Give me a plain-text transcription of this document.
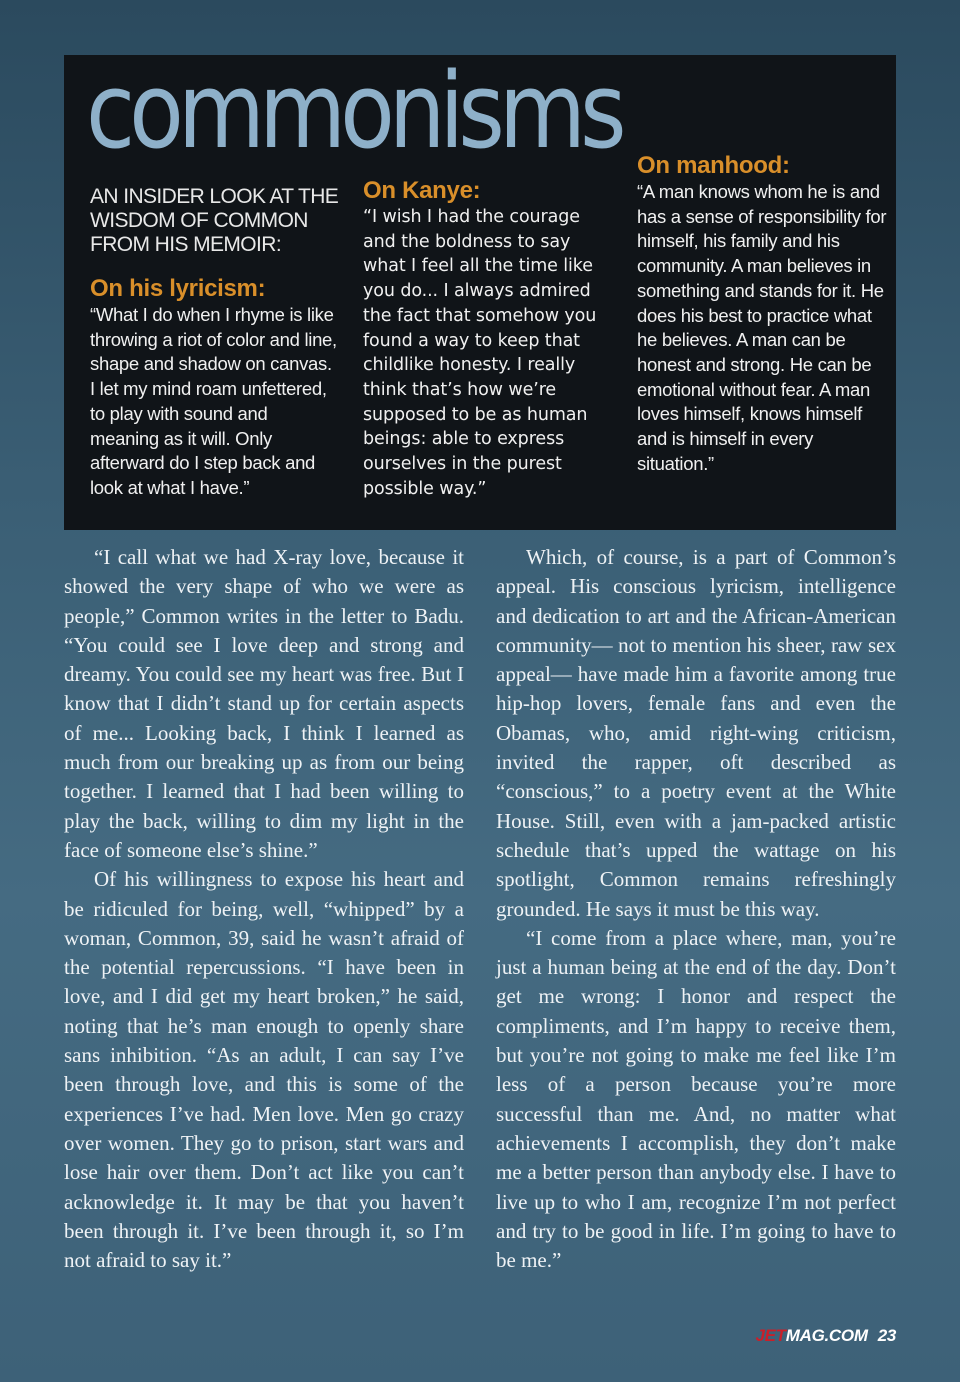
commonisms

AN INSIDER LOOK AT THE WISDOM OF COMMON FROM HIS MEMOIR:

On his lyricism:

“What I do when I rhyme is like throwing a riot of color and line, shape and shadow on canvas. I let my mind roam unfettered, to play with sound and meaning as it will. Only afterward do I step back and look at what I have.”

On Kanye:

“I wish I had the courage and the boldness to say what I feel all the time like you do... I always admired the fact that somehow you found a way to keep that childlike honesty. I really think that’s how we’re supposed to be as human beings: able to express ourselves in the purest possible way.”

On manhood:

“A man knows whom he is and has a sense of responsibility for himself, his family and his community. A man believes in something and stands for it. He does his best to practice what he believes. A man can be honest and strong. He can be emotional without fear. A man loves himself, knows himself and is himself in every situation.”

“I call what we had X-ray love, because it showed the very shape of who we were as people,” Common writes in the letter to Badu. “You could see I love deep and strong and dreamy. You could see my heart was free. But I know that I didn’t stand up for certain aspects of me... Looking back, I think I learned as much from our breaking up as from our being together. I learned that I had been willing to play the back, willing to dim my light in the face of someone else’s shine.”

Of his willingness to expose his heart and be ridiculed for being, well, “whipped” by a woman, Common, 39, said he wasn’t afraid of the potential repercussions. “I have been in love, and I did get my heart broken,” he said, noting that he’s man enough to openly share sans inhibition. “As an adult, I can say I’ve been through love, and this is some of the experiences I’ve had. Men love. Men go crazy over women. They go to prison, start wars and lose hair over them. Don’t act like you can’t acknowledge it. It may be that you haven’t been through it. I’ve been through it, so I’m not afraid to say it.”

Which, of course, is a part of Common’s appeal. His conscious lyricism, intelligence and dedication to art and the African-American community— not to mention his sheer, raw sex appeal— have made him a favorite among true hip-hop lovers, female fans and even the Obamas, who, amid right-wing criticism, invited the rapper, oft described as “conscious,” to a poetry event at the White House. Still, even with a jam-packed artistic schedule that’s upped the wattage on his spotlight, Common remains refreshingly grounded. He says it must be this way.

“I come from a place where, man, you’re just a human being at the end of the day. Don’t get me wrong: I honor and respect the compliments, and I’m happy to receive them, but you’re not going to make me feel like I’m less of a person because you’re more successful than me. And, no matter what achievements I accomplish, they don’t make me a better person than anybody else. I have to live up to who I am, recognize I’m not perfect and try to be good in life. I’m going to have to be me.”

JETMAG.COM 23
